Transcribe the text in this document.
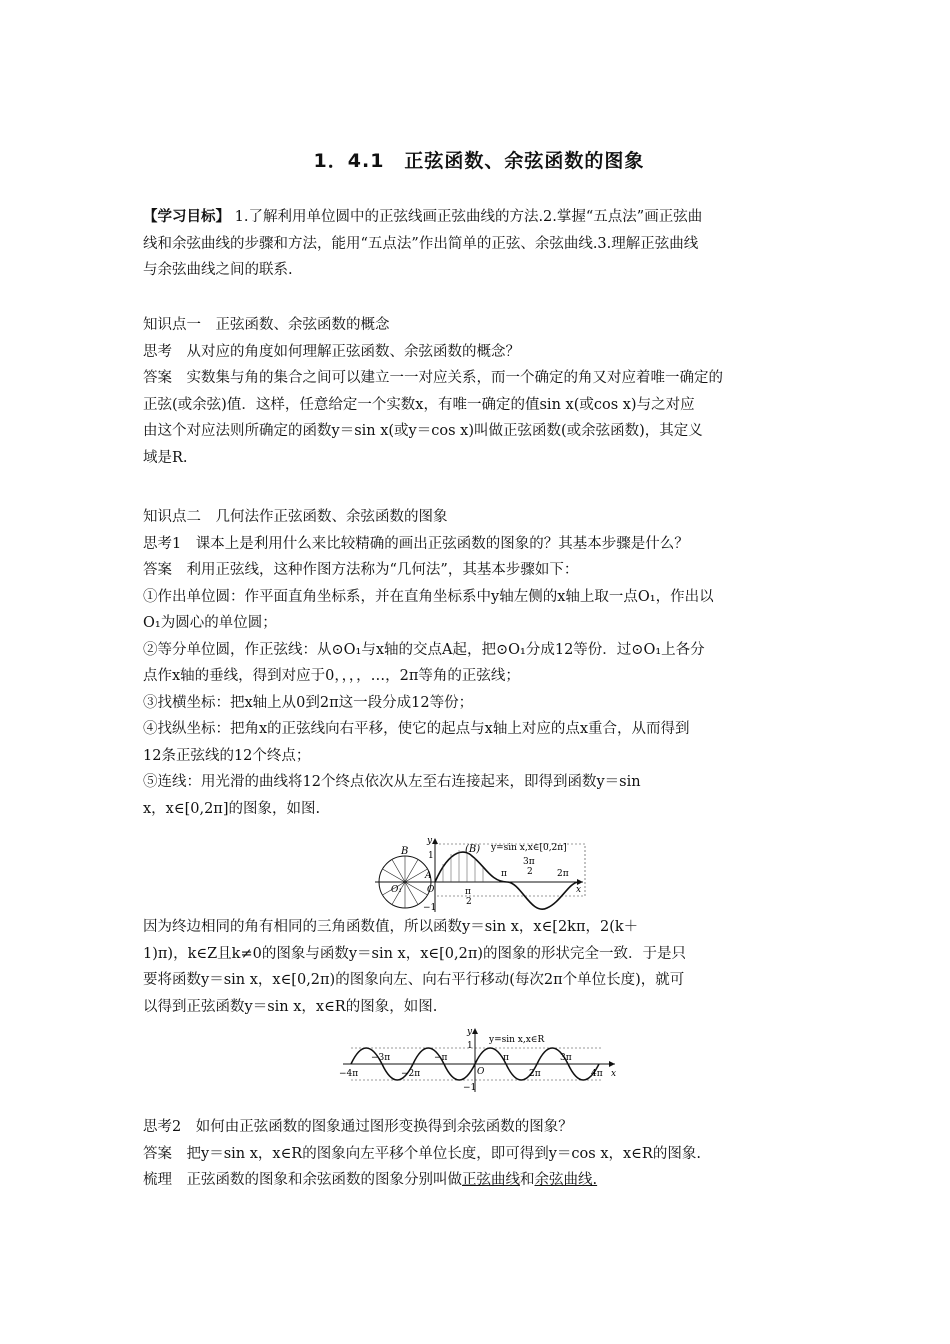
1．4.1　正弦函数、余弦函数的图象
【学习目标】 1.了解利用单位圆中的正弦线画正弦曲线的方法.2.掌握“五点法”画正弦曲
线和余弦曲线的步骤和方法，能用“五点法”作出简单的正弦、余弦曲线.3.理解正弦曲线
与余弦曲线之间的联系.
知识点一　正弦函数、余弦函数的概念
思考　从对应的角度如何理解正弦函数、余弦函数的概念？
答案　实数集与角的集合之间可以建立一一对应关系，而一个确定的角又对应着唯一确定的
正弦(或余弦)值．这样，任意给定一个实数x，有唯一确定的值sin x(或cos x)与之对应
由这个对应法则所确定的函数y＝sin x(或y＝cos x)叫做正弦函数(或余弦函数)，其定义
域是R.
知识点二　几何法作正弦函数、余弦函数的图象
思考1　课本上是利用什么来比较精确的画出正弦函数的图象的？其基本步骤是什么？
答案　利用正弦线，这种作图方法称为“几何法”，其基本步骤如下：
①作出单位圆：作平面直角坐标系，并在直角坐标系中y轴左侧的x轴上取一点O₁，作出以
O₁为圆心的单位圆；
②等分单位圆，作正弦线：从⊙O₁与x轴的交点A起，把⊙O₁分成12等份．过⊙O₁上各分
点作x轴的垂线，得到对应于0，，，，…，2π等角的正弦线；
③找横坐标：把x轴上从0到2π这一段分成12等份；
④找纵坐标：把角x的正弦线向右平移，使它的起点与x轴上对应的点x重合，从而得到
12条正弦线的12个终点；
⑤连线：用光滑的曲线将12个终点依次从左至右连接起来，即得到函数y＝sin
x，x∈[0,2π]的图象，如图.
B	(B) y=sin x,x∈[0,2π]
y
x
A
O₁	O
1
−1
π
2
π
3π
2	2π
因为终边相同的角有相同的三角函数值，所以函数y＝sin x，x∈[2kπ，2(k＋
1)π)，k∈Z且k≠0的图象与函数y＝sin x，x∈[0,2π)的图象的形状完全一致．于是只
要将函数y＝sin x，x∈[0,2π)的图象向左、向右平行移动(每次2π个单位长度)，就可
以得到正弦函数y＝sin x，x∈R的图象，如图.
y=sin x,x∈R
y
x
1
−1
O
−4π
−3π
−2π
−π	π
2π
3π
4π
思考2　如何由正弦函数的图象通过图形变换得到余弦函数的图象？
答案　把y＝sin x，x∈R的图象向左平移个单位长度，即可得到y＝cos x，x∈R的图象.
梳理　正弦函数的图象和余弦函数的图象分别叫做正弦曲线和余弦曲线.
